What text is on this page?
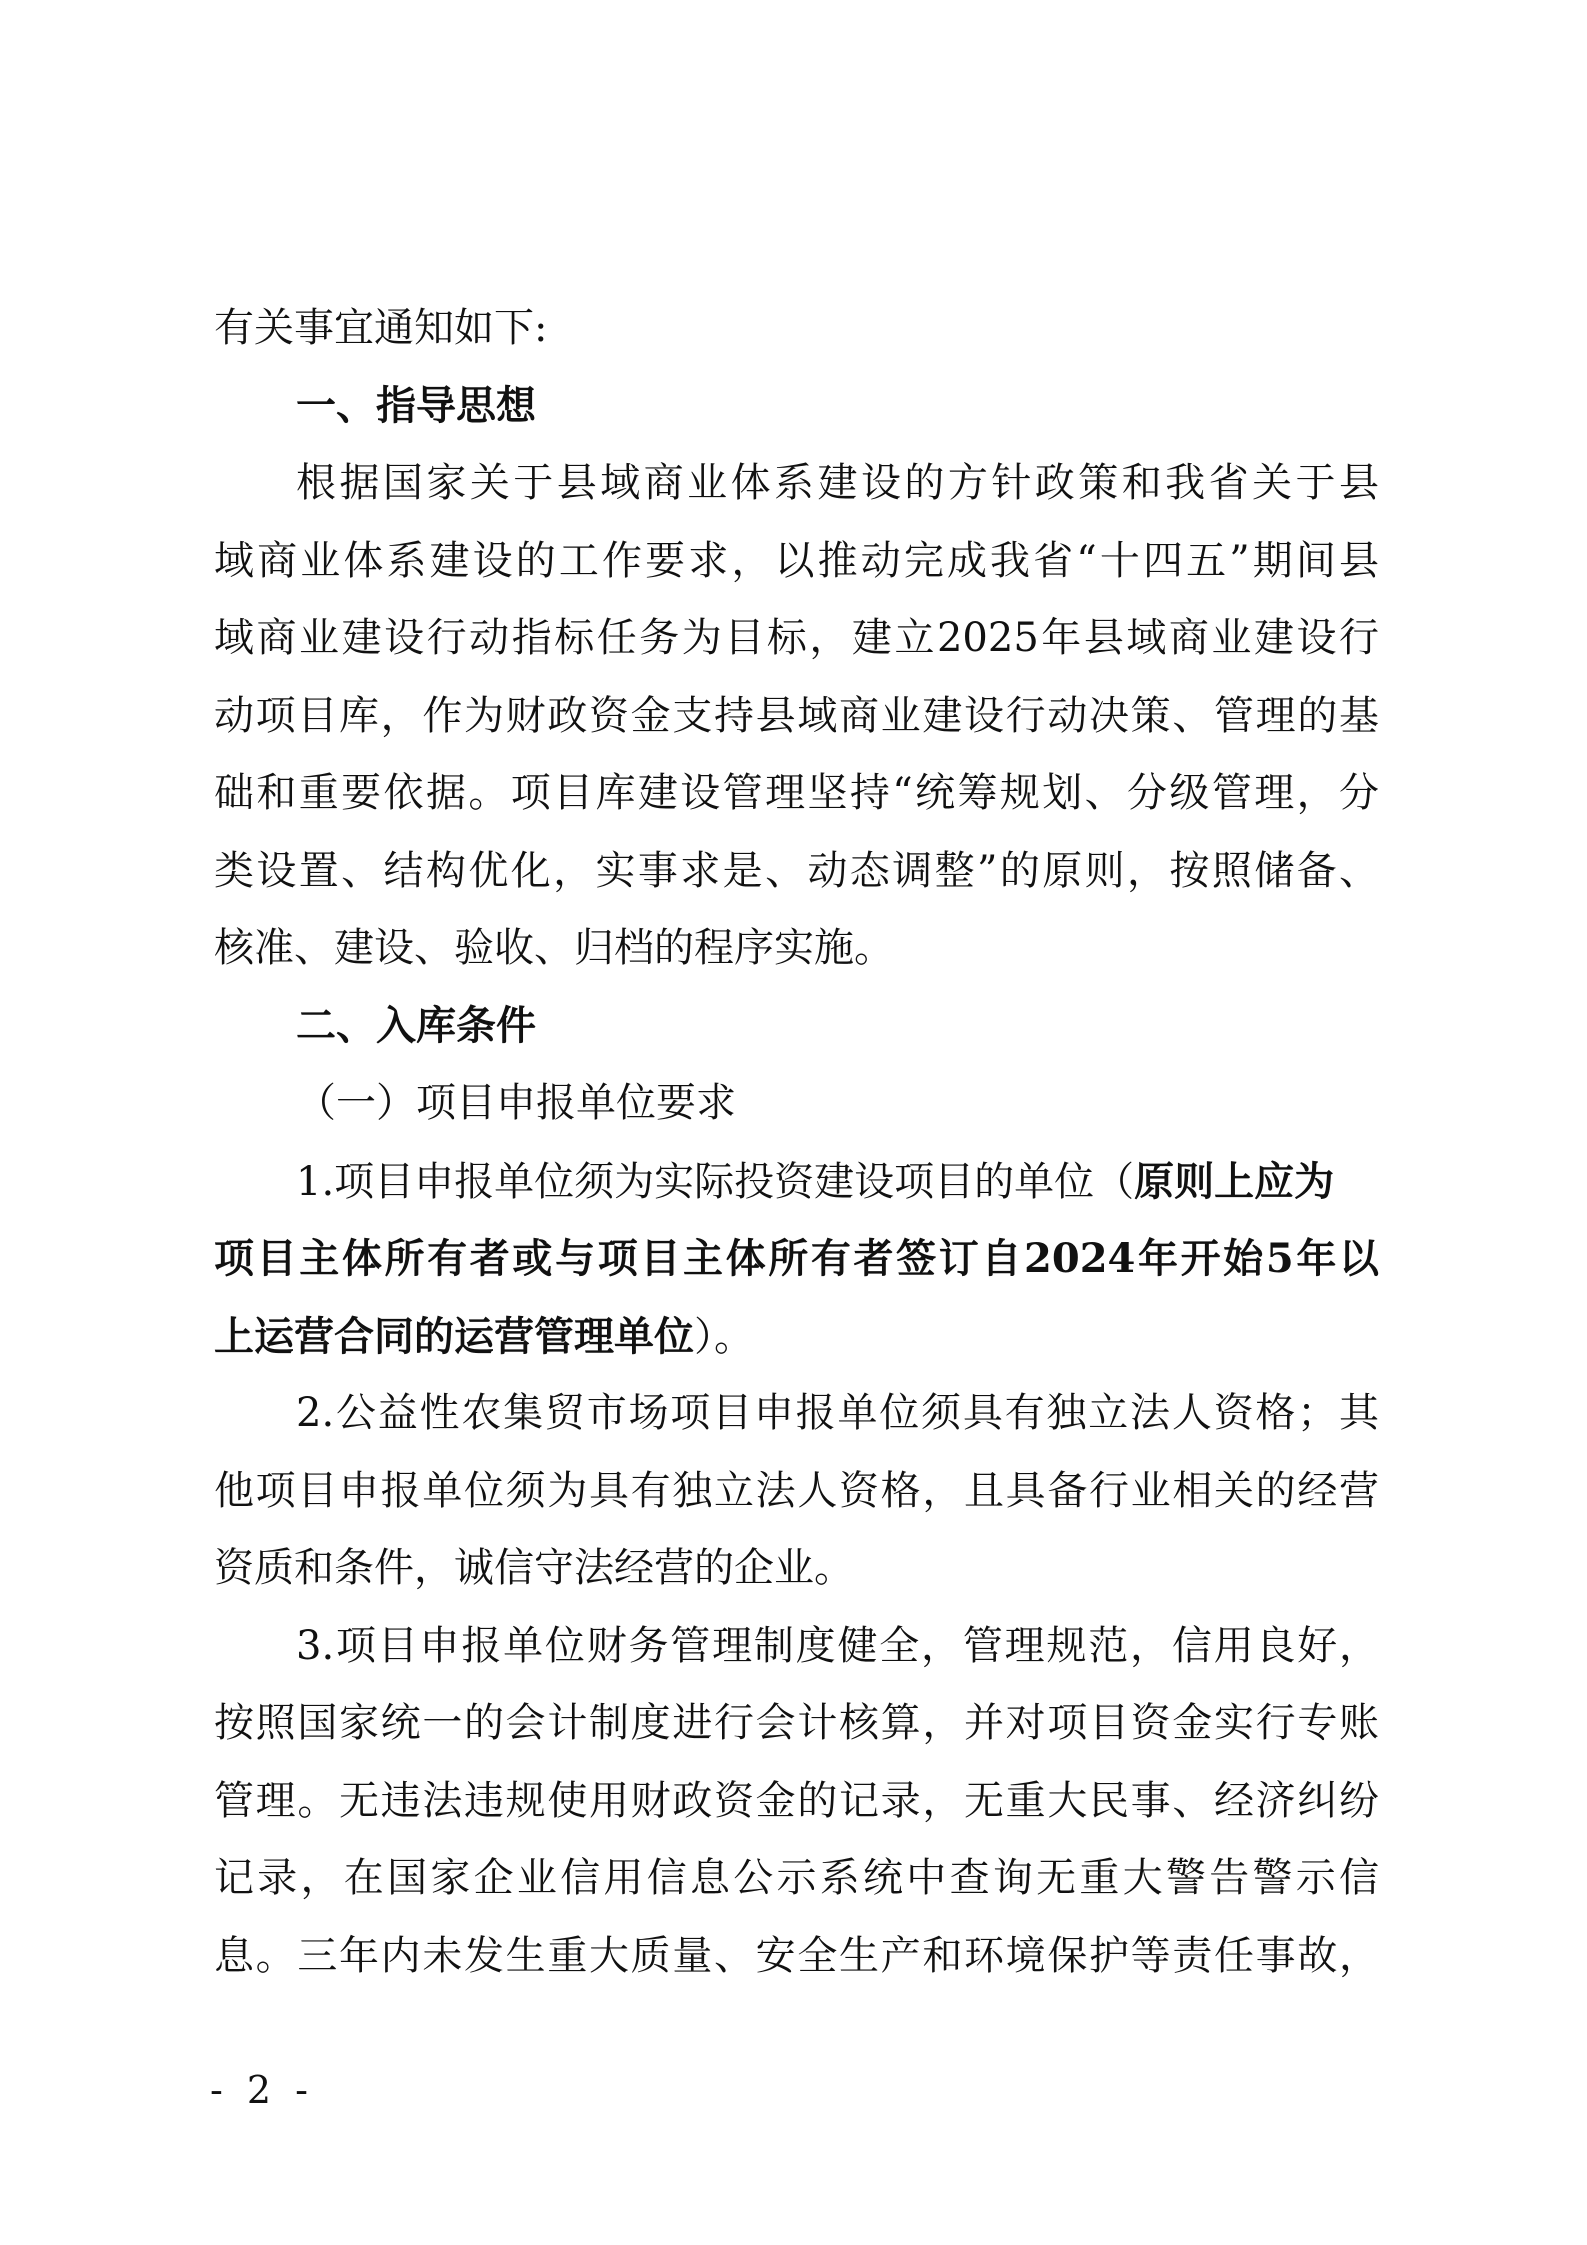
有关事宜通知如下:
一、指导思想
根据国家关于县域商业体系建设的方针政策和我省关于县
域商业体系建设的工作要求，以推动完成我省“十四五”期间县
域商业建设行动指标任务为目标，建立2025年县域商业建设行
动项目库，作为财政资金支持县域商业建设行动决策、管理的基
础和重要依据。项目库建设管理坚持“统筹规划、分级管理，分
类设置、结构优化，实事求是、动态调整”的原则，按照储备、
核准、建设、验收、归档的程序实施。
二、入库条件
（一）项目申报单位要求
1.项目申报单位须为实际投资建设项目的单位（原则上应为
项目主体所有者或与项目主体所有者签订自2024年开始5年以
上运营合同的运营管理单位）。
2.公益性农集贸市场项目申报单位须具有独立法人资格；其
他项目申报单位须为具有独立法人资格，且具备行业相关的经营
资质和条件，诚信守法经营的企业。
3.项目申报单位财务管理制度健全，管理规范，信用良好，
按照国家统一的会计制度进行会计核算，并对项目资金实行专账
管理。无违法违规使用财政资金的记录，无重大民事、经济纠纷
记录，在国家企业信用信息公示系统中查询无重大警告警示信
息。三年内未发生重大质量、安全生产和环境保护等责任事故，
- 2 -
